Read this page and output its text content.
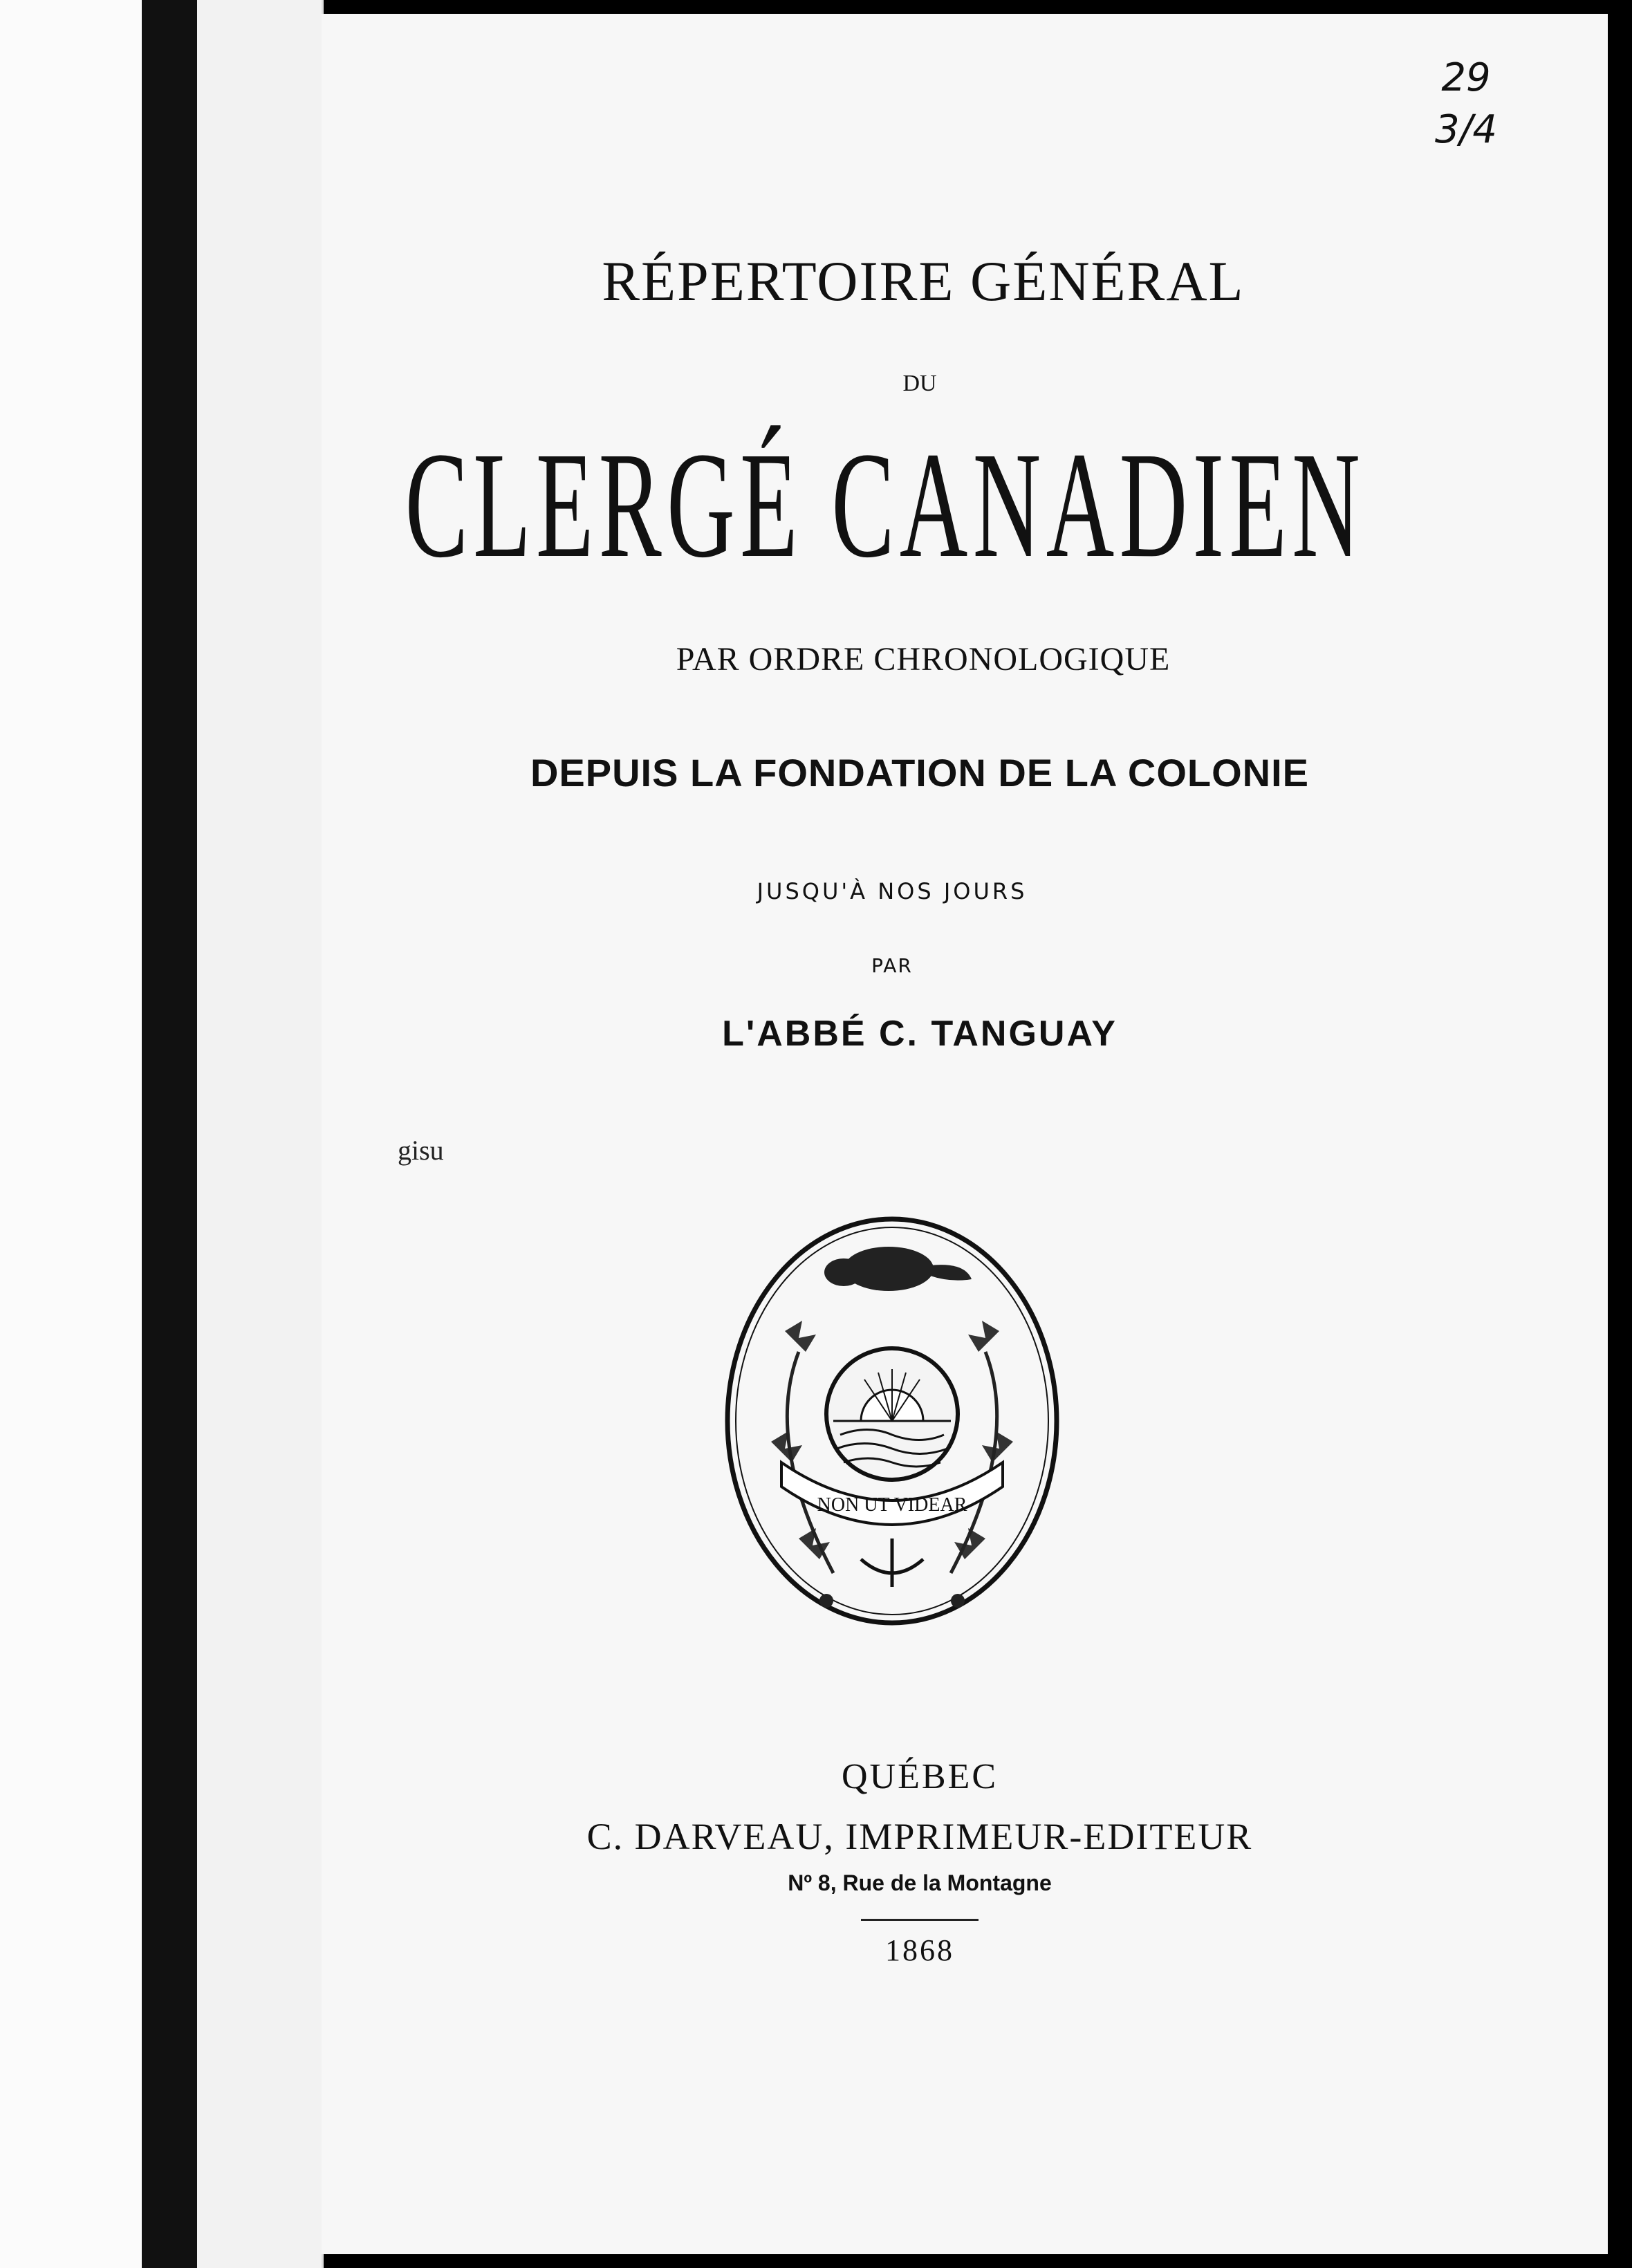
29
3/4
RÉPERTOIRE GÉNÉRAL
DU
CLERGÉ CANADIEN
PAR ORDRE CHRONOLOGIQUE
DEPUIS LA FONDATION DE LA COLONIE
JUSQU'À NOS JOURS
PAR
L'ABBÉ C. TANGUAY
gisu
NON UT VIDEAR
QUÉBEC
C. DARVEAU, IMPRIMEUR-EDITEUR
Nº 8, Rue de la Montagne
1868
